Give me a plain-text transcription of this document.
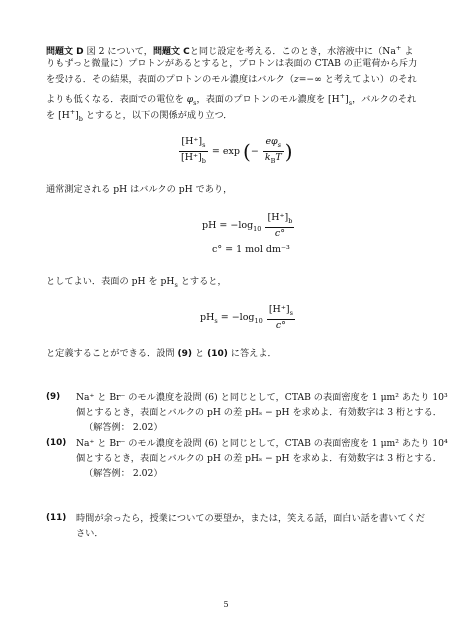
問題文 D 図 2 について，問題文 Cと同じ設定を考える．このとき，水溶液中に（Na+ よ
りもずっと微量に）プロトンがあるとすると，プロトンは表面の CTAB の正電荷から斥力
を受ける．その結果，表面のプロトンのモル濃度はバルク（z=−∞ と考えてよい）のそれ
よりも低くなる．表面での電位を $\varphi_s$，表面のプロトンのモル濃度を $[H^+]_s$，バルクのそれ
を $[H^+]_b$ とすると，以下の関係が成り立つ．
$\frac{[H^+]_s}{[H^+]_b} = \exp$ (− $\frac{e\varphi_s}{k_BT}$ )
通常測定される pH はバルクの pH であり，
pH = $-\log_{10} \frac{[H^+]_b}{c^\circ}$
c° = 1 mol dm⁻³
としてよい．表面の pH を $pH_s$ とすると，
$pH_s = -\log_{10} \frac{[H^+]_s}{c^\circ}$
と定義することができる．設問 (9) と (10) に答えよ．
(9) Na⁺ と Br⁻ のモル濃度を設問 (6) と同じとして，CTAB の表面密度を 1 μm² あたり 10³
個とするとき，表面とバルクの pH の差 pHₛ − pH を求めよ．有効数字は 3 桁とする．
（解答例： 2.02）
(10) Na⁺ と Br⁻ のモル濃度を設問 (6) と同じとして，CTAB の表面密度を 1 μm² あたり 10⁴
個とするとき，表面とバルクの pH の差 pHₛ − pH を求めよ．有効数字は 3 桁とする．
（解答例： 2.02）
(11) 時間が余ったら，授業についての要望か，または，笑える話，面白い話を書いてくだ
さい．
5
